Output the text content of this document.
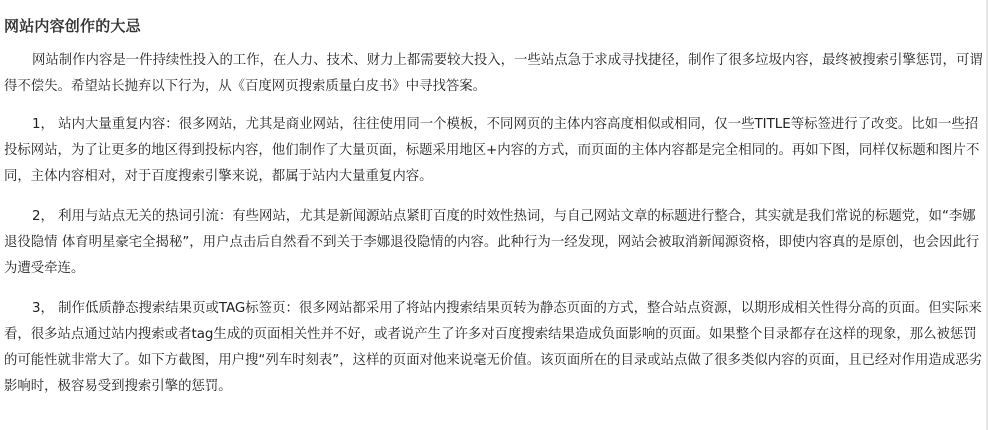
网站内容创作的大忌

网站制作内容是一件持续性投入的工作，在人力、技术、财力上都需要较大投入，一些站点急于求成寻找捷径，制作了很多垃圾内容，最终被搜索引擎惩罚，可谓得不偿失。希望站长抛弃以下行为，从《百度网页搜索质量白皮书》中寻找答案。

1， 站内大量重复内容：很多网站，尤其是商业网站，往往使用同一个模板，不同网页的主体内容高度相似或相同，仅一些TITLE等标签进行了改变。比如一些招投标网站，为了让更多的地区得到投标内容，他们制作了大量页面，标题采用地区+内容的方式，而页面的主体内容都是完全相同的。再如下图，同样仅标题和图片不同，主体内容相对，对于百度搜索引擎来说，都属于站内大量重复内容。

2， 利用与站点无关的热词引流：有些网站，尤其是新闻源站点紧盯百度的时效性热词，与自己网站文章的标题进行整合，其实就是我们常说的标题党，如“李娜退役隐情 体育明星豪宅全揭秘”，用户点击后自然看不到关于李娜退役隐情的内容。此种行为一经发现，网站会被取消新闻源资格，即使内容真的是原创，也会因此行为遭受牵连。

3， 制作低质静态搜索结果页或TAG标签页：很多网站都采用了将站内搜索结果页转为静态页面的方式，整合站点资源，以期形成相关性得分高的页面。但实际来看，很多站点通过站内搜索或者tag生成的页面相关性并不好，或者说产生了许多对百度搜索结果造成负面影响的页面。如果整个目录都存在这样的现象，那么被惩罚的可能性就非常大了。如下方截图，用户搜“列车时刻表”，这样的页面对他来说毫无价值。该页面所在的目录或站点做了很多类似内容的页面，且已经对作用造成恶劣影响时，极容易受到搜索引擎的惩罚。
